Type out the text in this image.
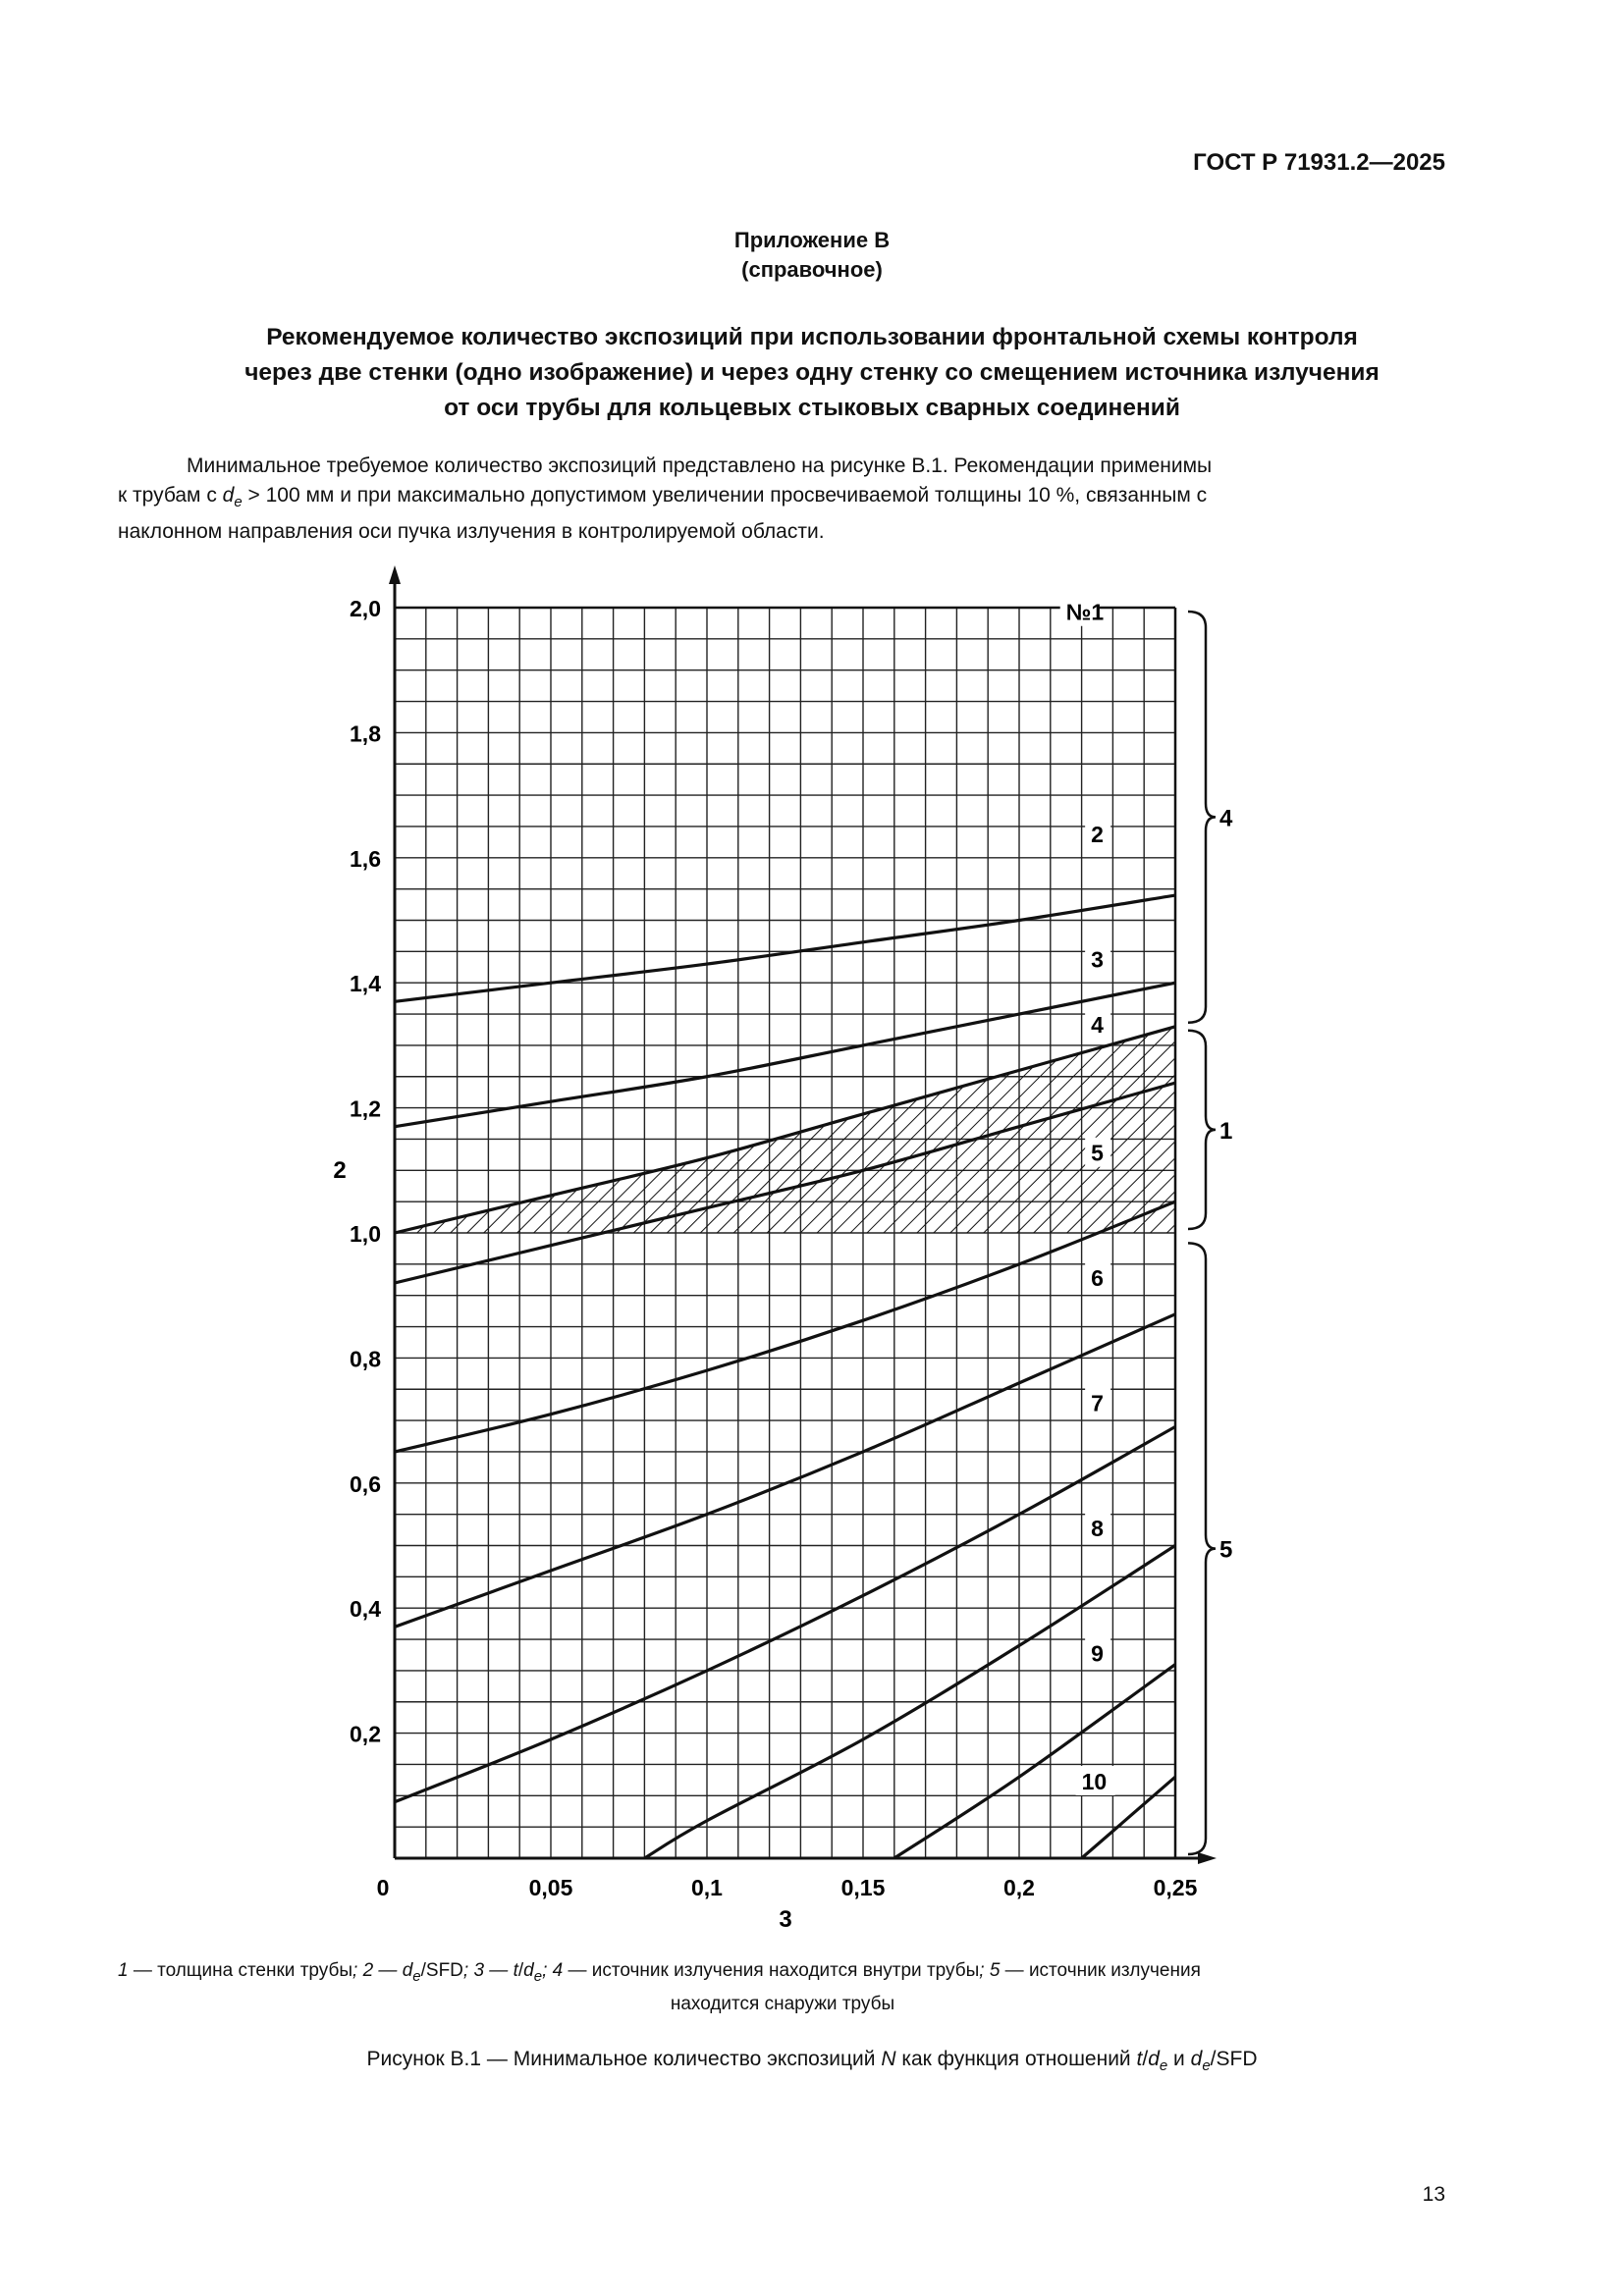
ГОСТ Р 71931.2—2025
Приложение В
(справочное)
Рекомендуемое количество экспозиций при использовании фронтальной схемы контроля
через две стенки (одно изображение) и через одну стенку со смещением источника излучения
от оси трубы для кольцевых стыковых сварных соединений

Минимальное требуемое количество экспозиций представлено на рисунке В.1. Рекомендации применимы

к трубам с $d_e > 100$ мм и при максимально допустимом увеличении просвечиваемой толщины 10 %, связанным с

наклонном направления оси пучка излучения в контролируемой области.

0,2
0,4
0,6
0,8
1,0
1,2
1,4
1,6
1,8
2,0
0	0,05	0,1	0,15	0,2	0,25
№1
2
3
4
5
6
7
8
9
10
4
1
5
2
3
1 — толщина стенки трубы; 2 — $d_e$/SFD; 3 — $t/d_e$; 4 — источник излучения находится внутри трубы; 5 — источник излучения
находится снаружи трубы
Рисунок В.1 — Минимальное количество экспозиций N как функция отношений $t/d_e$ и $d_e$/SFD
13
